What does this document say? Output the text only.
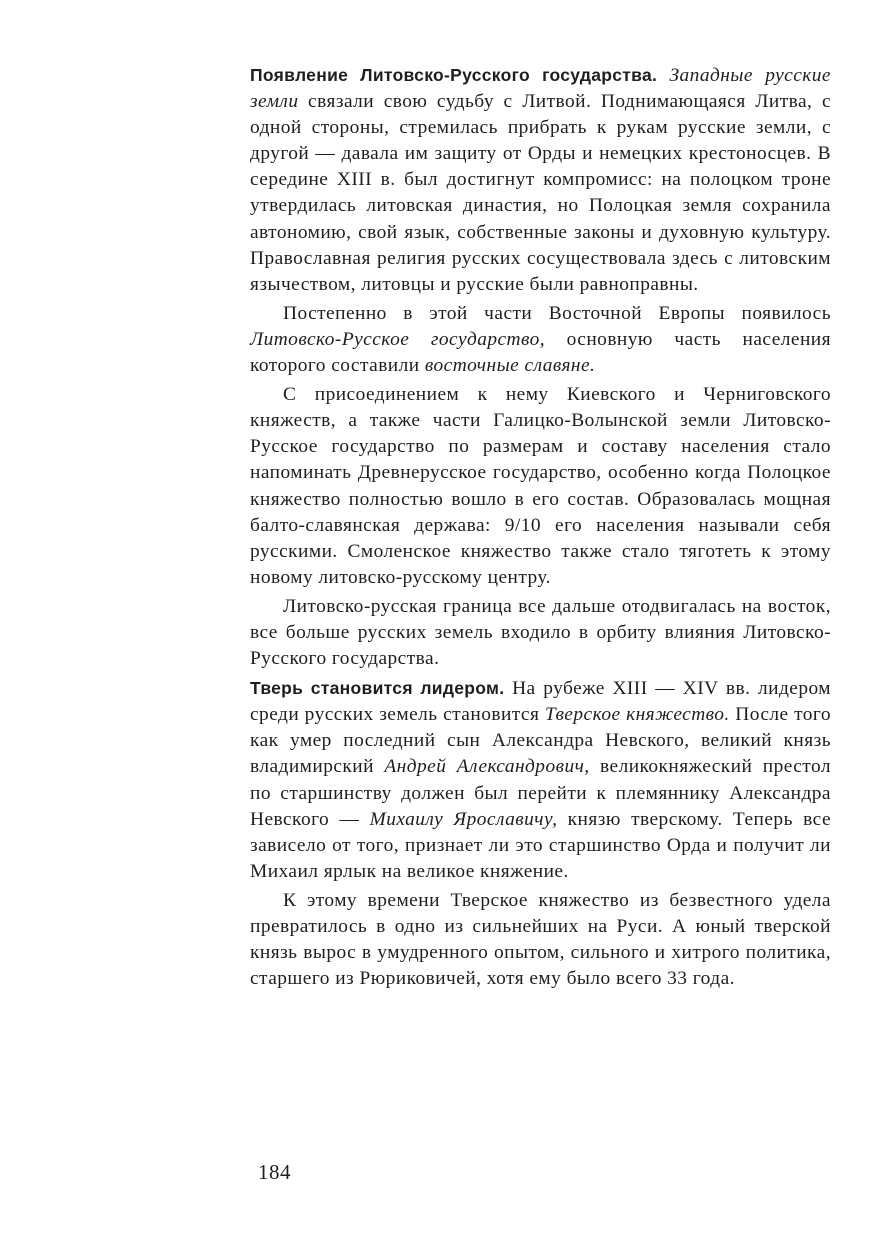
Появление Литовско-Русского государства. Западные русские земли связали свою судьбу с Литвой. Поднимающаяся Литва, с одной стороны, стремилась прибрать к рукам русские земли, с другой — давала им защиту от Орды и немецких крестоносцев. В середине XIII в. был достигнут компромисс: на полоцком троне утвердилась литовская династия, но Полоцкая земля сохранила автономию, свой язык, собственные законы и духовную культуру. Православная религия русских сосуществовала здесь с литовским язычеством, литовцы и русские были равноправны.

Постепенно в этой части Восточной Европы появилось Литовско-Русское государство, основную часть населения которого составили восточные славяне.

С присоединением к нему Киевского и Черниговского княжеств, а также части Галицко-Волынской земли Литовско-Русское государство по размерам и составу населения стало напоминать Древнерусское государство, особенно когда Полоцкое княжество полностью вошло в его состав. Образовалась мощная балто-славянская держава: 9/10 его населения называли себя русскими. Смоленское княжество также стало тяготеть к этому новому литовско-русскому центру.

Литовско-русская граница все дальше отодвигалась на восток, все больше русских земель входило в орбиту влияния Литовско-Русского государства.

Тверь становится лидером. На рубеже XIII — XIV вв. лидером среди русских земель становится Тверское княжество. После того как умер последний сын Александра Невского, великий князь владимирский Андрей Александрович, великокняжеский престол по старшинству должен был перейти к племяннику Александра Невского — Михаилу Ярославичу, князю тверскому. Теперь все зависело от того, признает ли это старшинство Орда и получит ли Михаил ярлык на великое княжение.

К этому времени Тверское княжество из безвестного удела превратилось в одно из сильнейших на Руси. А юный тверской князь вырос в умудренного опытом, сильного и хитрого политика, старшего из Рюриковичей, хотя ему было всего 33 года.

184
